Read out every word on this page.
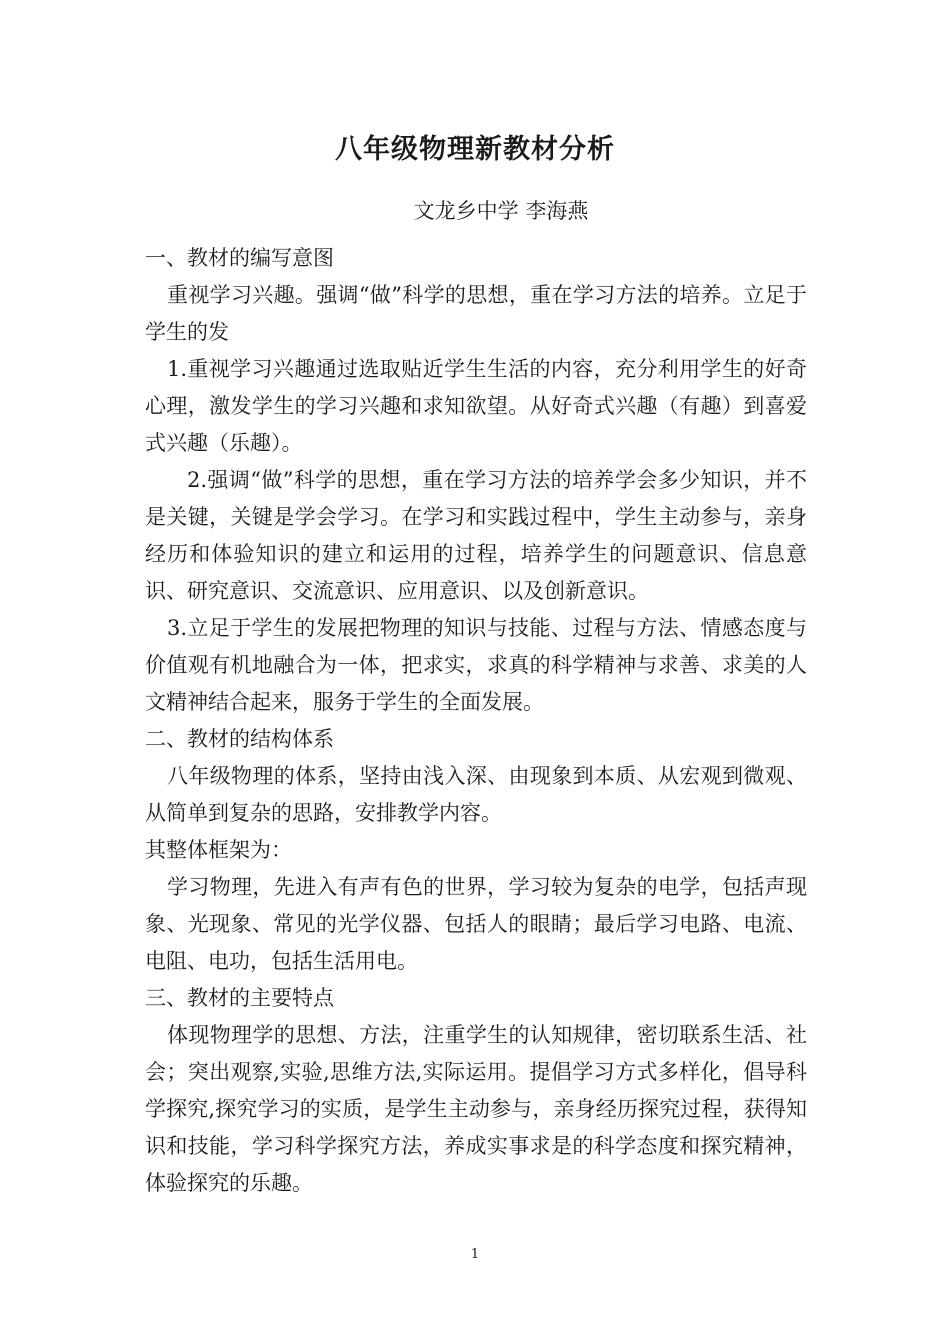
八年级物理新教材分析
文龙乡中学 李海燕

一、教材的编写意图

重视学习兴趣。强调“做”科学的思想，重在学习方法的培养。立足于学生的发

1.重视学习兴趣通过选取贴近学生生活的内容，充分利用学生的好奇心理，激发学生的学习兴趣和求知欲望。从好奇式兴趣（有趣）到喜爱式兴趣（乐趣）。

2.强调“做”科学的思想，重在学习方法的培养学会多少知识，并不是关键，关键是学会学习。在学习和实践过程中，学生主动参与，亲身经历和体验知识的建立和运用的过程，培养学生的问题意识、信息意识、研究意识、交流意识、应用意识、以及创新意识。

3.立足于学生的发展把物理的知识与技能、过程与方法、情感态度与价值观有机地融合为一体，把求实，求真的科学精神与求善、求美的人文精神结合起来，服务于学生的全面发展。

二、教材的结构体系

八年级物理的体系，坚持由浅入深、由现象到本质、从宏观到微观、从简单到复杂的思路，安排教学内容。

其整体框架为：

学习物理，先进入有声有色的世界，学习较为复杂的电学，包括声现象、光现象、常见的光学仪器、包括人的眼睛；最后学习电路、电流、电阻、电功，包括生活用电。

三、教材的主要特点

体现物理学的思想、方法，注重学生的认知规律，密切联系生活、社会；突出观察,实验,思维方法,实际运用。提倡学习方式多样化，倡导科学探究,探究学习的实质，是学生主动参与，亲身经历探究过程，获得知识和技能，学习科学探究方法，养成实事求是的科学态度和探究精神，体验探究的乐趣。

1
